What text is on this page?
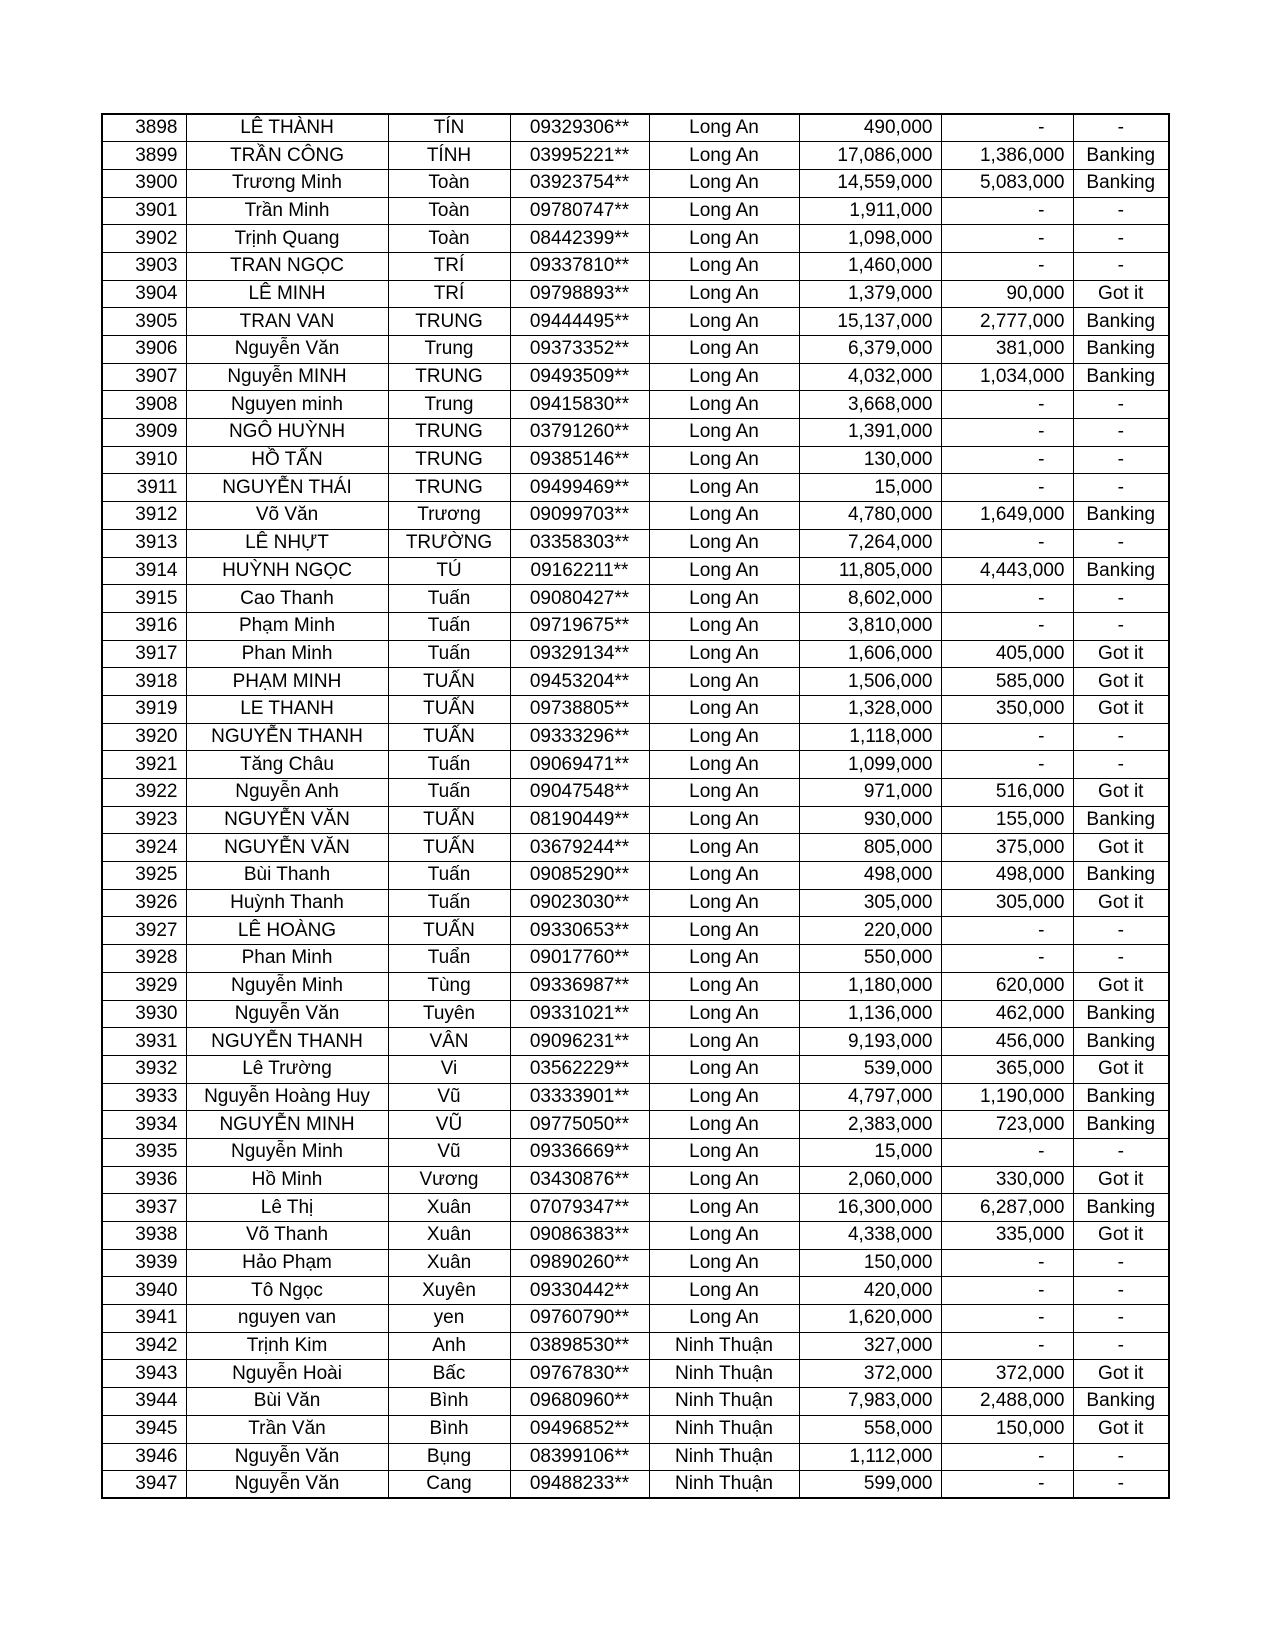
3898	LÊ THÀNH	TÍN	09329306**	Long An	490,000	-	-
3899	TRẦN CÔNG	TÍNH	03995221**	Long An	17,086,000	1,386,000	Banking
3900	Trương Minh	Toàn	03923754**	Long An	14,559,000	5,083,000	Banking
3901	Trần Minh	Toàn	09780747**	Long An	1,911,000	-	-
3902	Trịnh Quang	Toàn	08442399**	Long An	1,098,000	-	-
3903	TRAN NGỌC	TRÍ	09337810**	Long An	1,460,000	-	-
3904	LÊ MINH	TRÍ	09798893**	Long An	1,379,000	90,000	Got it
3905	TRAN VAN	TRUNG	09444495**	Long An	15,137,000	2,777,000	Banking
3906	Nguyễn Văn	Trung	09373352**	Long An	6,379,000	381,000	Banking
3907	Nguyễn MINH	TRUNG	09493509**	Long An	4,032,000	1,034,000	Banking
3908	Nguyen minh	Trung	09415830**	Long An	3,668,000	-	-
3909	NGÔ HUỲNH	TRUNG	03791260**	Long An	1,391,000	-	-
3910	HỒ TẤN	TRUNG	09385146**	Long An	130,000	-	-
3911	NGUYỄN THÁI	TRUNG	09499469**	Long An	15,000	-	-
3912	Võ Văn	Trương	09099703**	Long An	4,780,000	1,649,000	Banking
3913	LÊ NHỰT	TRƯỜNG	03358303**	Long An	7,264,000	-	-
3914	HUỲNH NGỌC	TÚ	09162211**	Long An	11,805,000	4,443,000	Banking
3915	Cao Thanh	Tuấn	09080427**	Long An	8,602,000	-	-
3916	Phạm Minh	Tuấn	09719675**	Long An	3,810,000	-	-
3917	Phan Minh	Tuấn	09329134**	Long An	1,606,000	405,000	Got it
3918	PHẠM MINH	TUẤN	09453204**	Long An	1,506,000	585,000	Got it
3919	LE THANH	TUẤN	09738805**	Long An	1,328,000	350,000	Got it
3920	NGUYỄN THANH	TUẤN	09333296**	Long An	1,118,000	-	-
3921	Tăng Châu	Tuấn	09069471**	Long An	1,099,000	-	-
3922	Nguyễn Anh	Tuấn	09047548**	Long An	971,000	516,000	Got it
3923	NGUYỄN VĂN	TUẤN	08190449**	Long An	930,000	155,000	Banking
3924	NGUYỄN VĂN	TUẤN	03679244**	Long An	805,000	375,000	Got it
3925	Bùi Thanh	Tuấn	09085290**	Long An	498,000	498,000	Banking
3926	Huỳnh Thanh	Tuấn	09023030**	Long An	305,000	305,000	Got it
3927	LÊ HOÀNG	TUẤN	09330653**	Long An	220,000	-	-
3928	Phan Minh	Tuẩn	09017760**	Long An	550,000	-	-
3929	Nguyễn Minh	Tùng	09336987**	Long An	1,180,000	620,000	Got it
3930	Nguyễn Văn	Tuyên	09331021**	Long An	1,136,000	462,000	Banking
3931	NGUYỄN THANH	VÂN	09096231**	Long An	9,193,000	456,000	Banking
3932	Lê Trường	Vi	03562229**	Long An	539,000	365,000	Got it
3933	Nguyễn Hoàng Huy	Vũ	03333901**	Long An	4,797,000	1,190,000	Banking
3934	NGUYỄN MINH	VŨ	09775050**	Long An	2,383,000	723,000	Banking
3935	Nguyễn Minh	Vũ	09336669**	Long An	15,000	-	-
3936	Hồ Minh	Vương	03430876**	Long An	2,060,000	330,000	Got it
3937	Lê Thị	Xuân	07079347**	Long An	16,300,000	6,287,000	Banking
3938	Võ Thanh	Xuân	09086383**	Long An	4,338,000	335,000	Got it
3939	Hảo Phạm	Xuân	09890260**	Long An	150,000	-	-
3940	Tô Ngọc	Xuyên	09330442**	Long An	420,000	-	-
3941	nguyen van	yen	09760790**	Long An	1,620,000	-	-
3942	Trịnh Kim	Anh	03898530**	Ninh Thuận	327,000	-	-
3943	Nguyễn Hoài	Bấc	09767830**	Ninh Thuận	372,000	372,000	Got it
3944	Bùi Văn	Bình	09680960**	Ninh Thuận	7,983,000	2,488,000	Banking
3945	Trần Văn	Bình	09496852**	Ninh Thuận	558,000	150,000	Got it
3946	Nguyễn Văn	Bụng	08399106**	Ninh Thuận	1,112,000	-	-
3947	Nguyễn Văn	Cang	09488233**	Ninh Thuận	599,000	-	-
